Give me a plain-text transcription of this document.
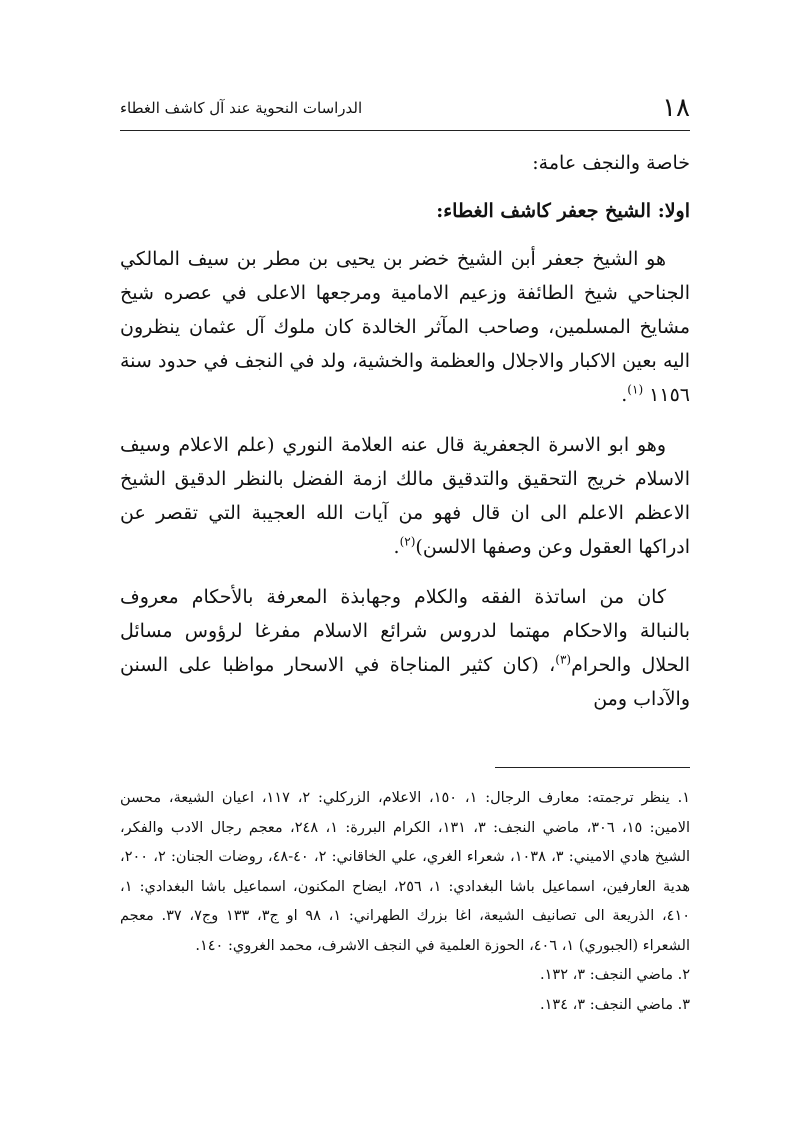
١٨
الدراسات النحوية عند آل كاشف الغطاء

خاصة والنجف عامة:

اولا: الشيخ جعفر كاشف الغطاء:

هو الشيخ جعفر أبن الشيخ خضر بن يحيى بن مطر بن سيف المالكي الجناحي شيخ الطائفة وزعيم الامامية ومرجعها الاعلى في عصره شيخ مشايخ المسلمين، وصاحب المآثر الخالدة كان ملوك آل عثمان ينظرون اليه بعين الاكبار والاجلال والعظمة والخشية، ولد في النجف في حدود سنة ١١٥٦ $^{(١)}$.

وهو ابو الاسرة الجعفرية قال عنه العلامة النوري (علم الاعلام وسيف الاسلام خريج التحقيق والتدقيق مالك ازمة الفضل بالنظر الدقيق الشيخ الاعظم الاعلم الى ان قال فهو من آيات الله العجيبة التي تقصر عن ادراكها العقول وعن وصفها الالسن)$^{(٢)}$.

كان من اساتذة الفقه والكلام وجهابذة المعرفة بالأحكام معروف بالنبالة والاحكام مهتما لدروس شرائع الاسلام مفرغا لرؤوس مسائل الحلال والحرام$^{(٣)}$، (كان كثير المناجاة في الاسحار مواظبا على السنن والآداب ومن

١. ينظر ترجمته: معارف الرجال: ١، ١٥٠، الاعلام، الزركلي: ٢، ١١٧، اعيان الشيعة، محسن الامين: ١٥، ٣٠٦، ماضي النجف: ٣، ١٣١، الكرام البررة: ١، ٢٤٨، معجم رجال الادب والفكر، الشيخ هادي الاميني: ٣، ١٠٣٨، شعراء الغري، علي الخاقاني: ٢، ٤٠-٤٨، روضات الجنان: ٢، ٢٠٠، هدية العارفين، اسماعيل باشا البغدادي: ١، ٢٥٦، ايضاح المكنون، اسماعيل باشا البغدادي: ١، ٤١٠، الذريعة الى تصانيف الشيعة، اغا بزرك الطهراني: ١، ٩٨ او ج٣، ١٣٣ وج٧، ٣٧. معجم الشعراء (الجبوري) ١، ٤٠٦، الحوزة العلمية في النجف الاشرف، محمد الغروي: ١٤٠.

٢. ماضي النجف: ٣، ١٣٢.

٣. ماضي النجف: ٣، ١٣٤.
